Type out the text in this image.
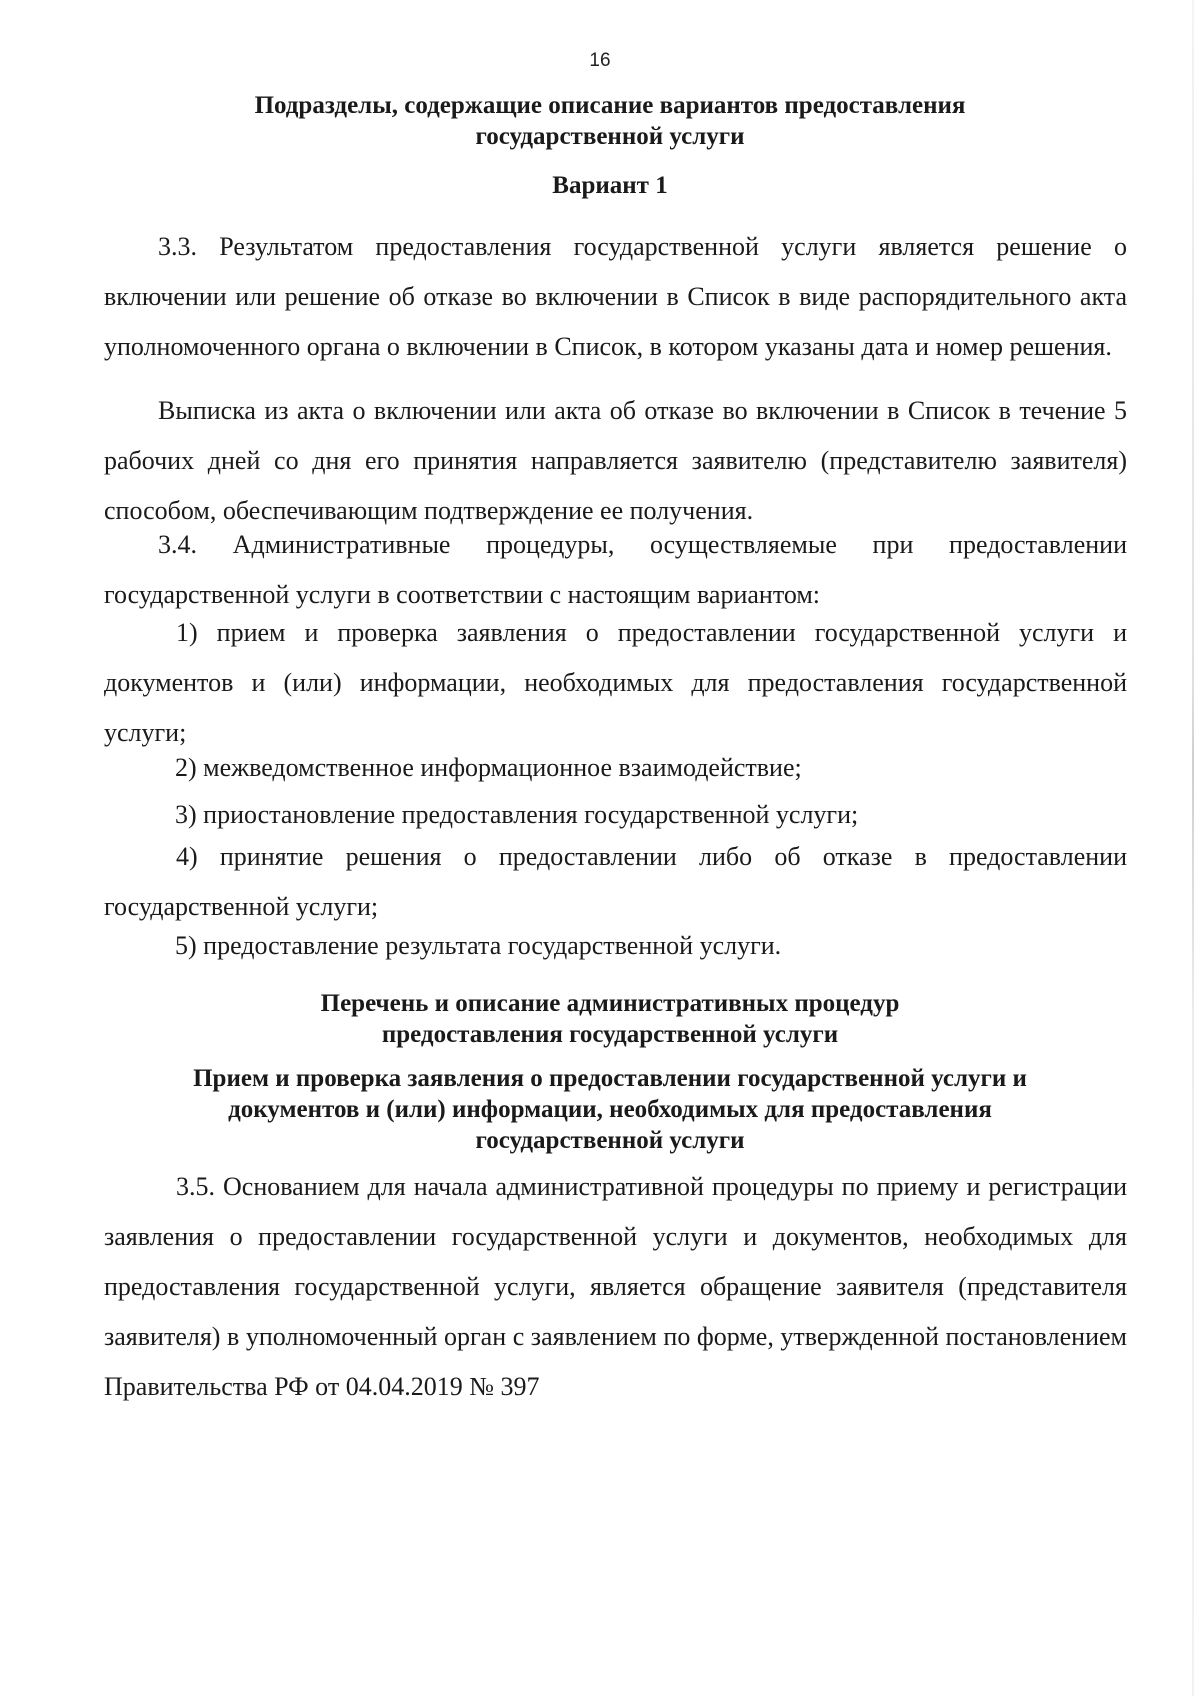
16
Подразделы, содержащие описание вариантов предоставления
государственной услуги
Вариант 1

3.3. Результатом предоставления государственной услуги является решение о включении или решение об отказе во включении в Список в виде распорядительного акта уполномоченного органа о включении в Список, в котором указаны дата и номер решения.

Выписка из акта о включении или акта об отказе во включении в Список в течение 5 рабочих дней со дня его принятия направляется заявителю (представителю заявителя) способом, обеспечивающим подтверждение ее получения.

3.4. Административные процедуры, осуществляемые при предоставлении государственной услуги в соответствии с настоящим вариантом:

1) прием и проверка заявления о предоставлении государственной услуги и документов и (или) информации, необходимых для предоставления государственной услуги;

2) межведомственное информационное взаимодействие;

3) приостановление предоставления государственной услуги;

4) принятие решения о предоставлении либо об отказе в предоставлении государственной услуги;

5) предоставление результата государственной услуги.

Перечень и описание административных процедур
предоставления государственной услуги
Прием и проверка заявления о предоставлении государственной услуги и
документов и (или) информации, необходимых для предоставления
государственной услуги

3.5. Основанием для начала административной процедуры по приему и регистрации заявления о предоставлении государственной услуги и документов, необходимых для предоставления государственной услуги, является обращение заявителя (представителя заявителя) в уполномоченный орган с заявлением по форме, утвержденной постановлением Правительства РФ от 04.04.2019 № 397
